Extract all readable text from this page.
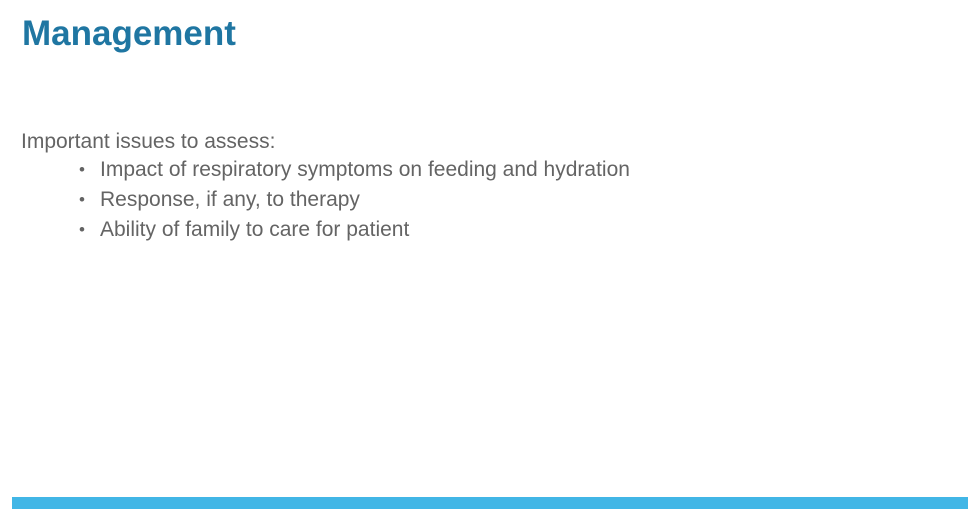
Management

Important issues to assess:

• Impact of respiratory symptoms on feeding and hydration
• Response, if any, to therapy
• Ability of family to care for patient
